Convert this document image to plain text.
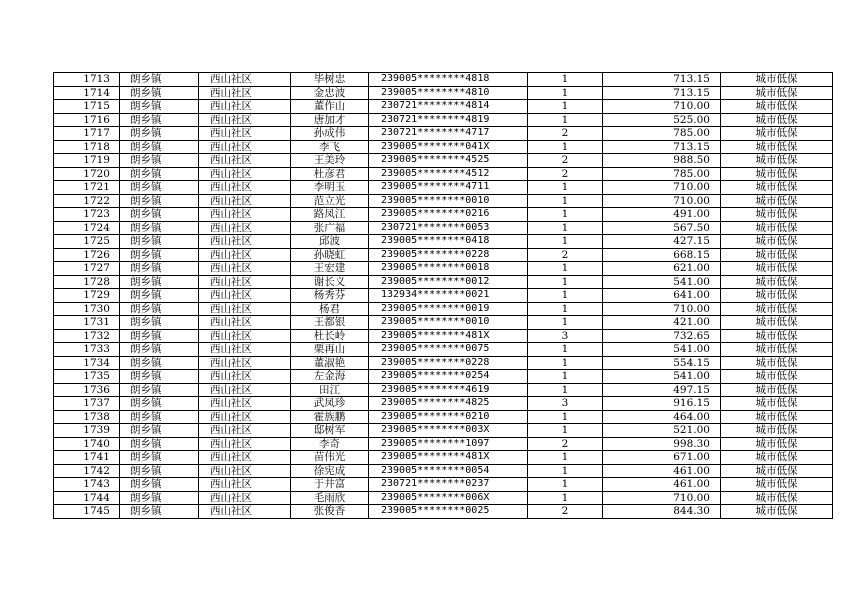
1713	朗乡镇	西山社区	毕树忠	239005********4818	1	713.15	城市低保
1714	朗乡镇	西山社区	金忠波	239005********4810	1	713.15	城市低保
1715	朗乡镇	西山社区	董作山	230721********4814	1	710.00	城市低保
1716	朗乡镇	西山社区	唐加才	230721********4819	1	525.00	城市低保
1717	朗乡镇	西山社区	孙成伟	230721********4717	2	785.00	城市低保
1718	朗乡镇	西山社区	李飞	239005********041X	1	713.15	城市低保
1719	朗乡镇	西山社区	王美玲	239005********4525	2	988.50	城市低保
1720	朗乡镇	西山社区	杜彦君	239005********4512	2	785.00	城市低保
1721	朗乡镇	西山社区	李明玉	239005********4711	1	710.00	城市低保
1722	朗乡镇	西山社区	范立光	239005********0010	1	710.00	城市低保
1723	朗乡镇	西山社区	路凤江	239005********0216	1	491.00	城市低保
1724	朗乡镇	西山社区	张广福	230721********0053	1	567.50	城市低保
1725	朗乡镇	西山社区	邱波	239005********0418	1	427.15	城市低保
1726	朗乡镇	西山社区	孙晓虹	239005********0228	2	668.15	城市低保
1727	朗乡镇	西山社区	王宏建	239005********0018	1	621.00	城市低保
1728	朗乡镇	西山社区	谢长义	239005********0012	1	541.00	城市低保
1729	朗乡镇	西山社区	杨秀芬	132934********0021	1	641.00	城市低保
1730	朗乡镇	西山社区	杨君	239005********0019	1	710.00	城市低保
1731	朗乡镇	西山社区	王都银	239005********0010	1	421.00	城市低保
1732	朗乡镇	西山社区	杜长岭	239005********481X	3	732.65	城市低保
1733	朗乡镇	西山社区	栗再山	239005********0075	1	541.00	城市低保
1734	朗乡镇	西山社区	董淑艳	239005********0228	1	554.15	城市低保
1735	朗乡镇	西山社区	左金海	239005********0254	1	541.00	城市低保
1736	朗乡镇	西山社区	田江	239005********4619	1	497.15	城市低保
1737	朗乡镇	西山社区	武凤珍	239005********4825	3	916.15	城市低保
1738	朗乡镇	西山社区	霍族鹏	239005********0210	1	464.00	城市低保
1739	朗乡镇	西山社区	邸树军	239005********003X	1	521.00	城市低保
1740	朗乡镇	西山社区	李奇	239005********1097	2	998.30	城市低保
1741	朗乡镇	西山社区	苗伟光	239005********481X	1	671.00	城市低保
1742	朗乡镇	西山社区	徐宪成	239005********0054	1	461.00	城市低保
1743	朗乡镇	西山社区	于井富	230721********0237	1	461.00	城市低保
1744	朗乡镇	西山社区	毛雨欣	239005********006X	1	710.00	城市低保
1745	朗乡镇	西山社区	张俊香	239005********0025	2	844.30	城市低保
